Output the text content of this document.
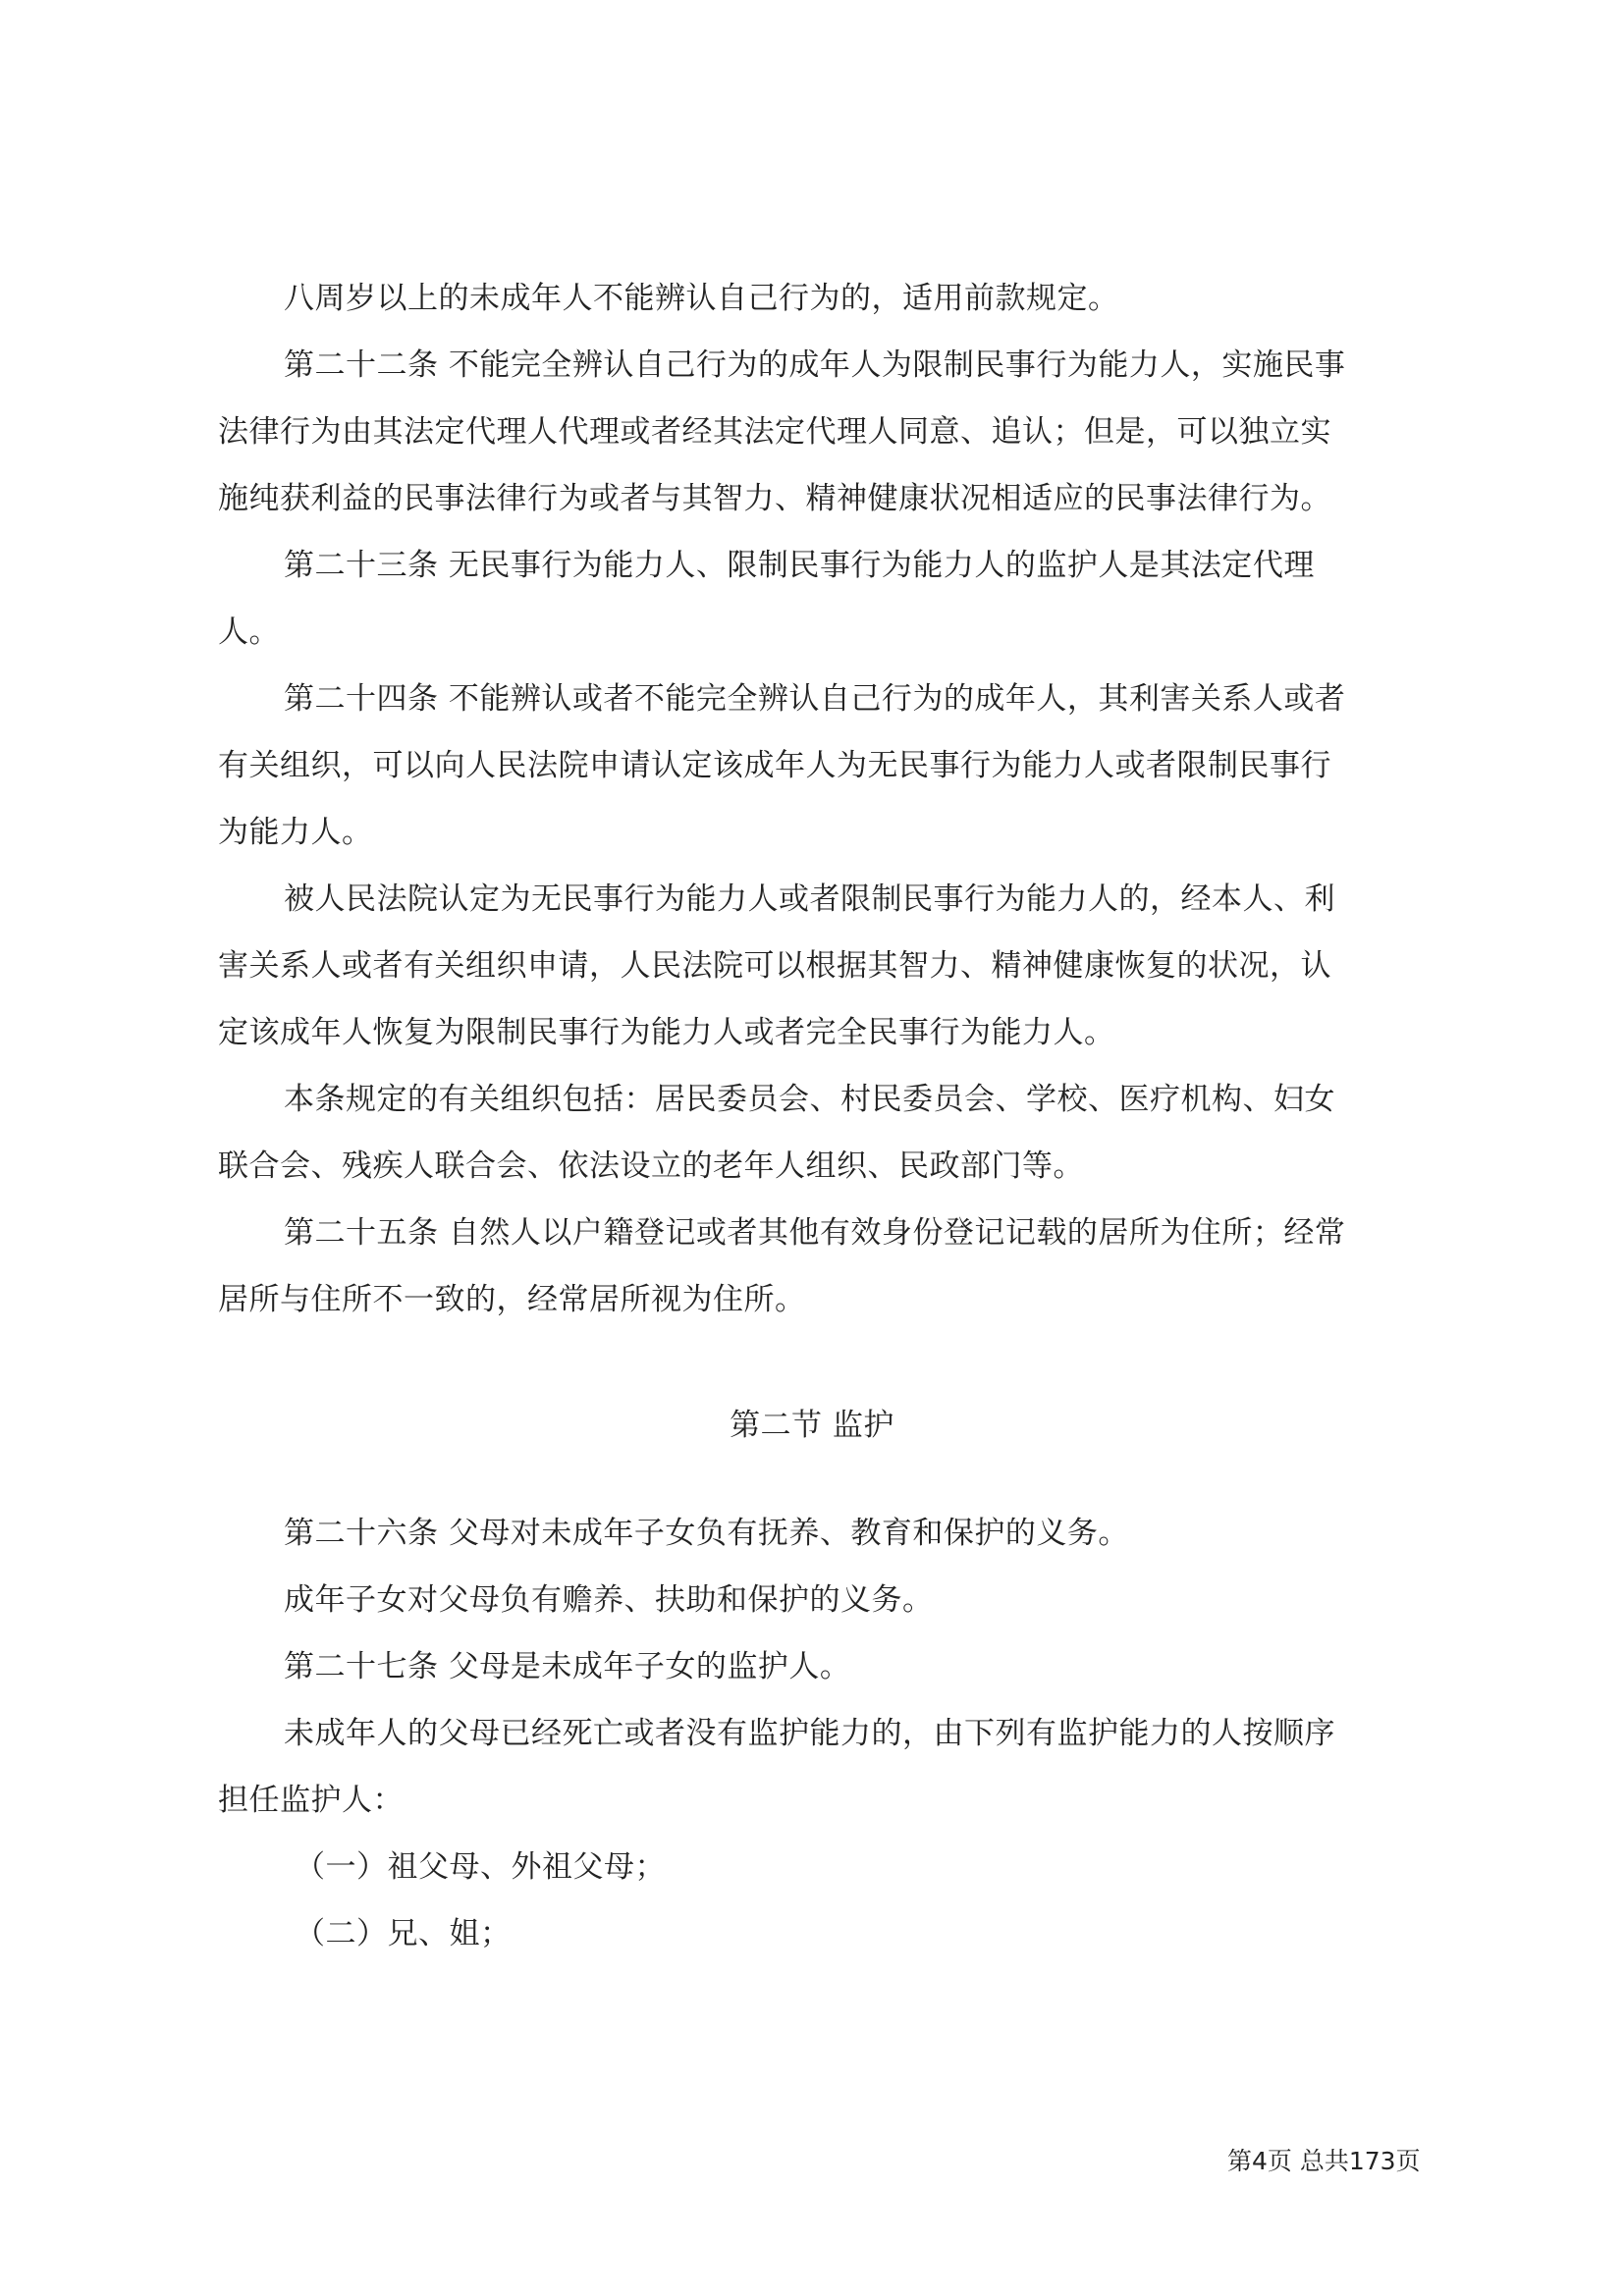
八周岁以上的未成年人不能辨认自己行为的，适用前款规定。
第二十二条 不能完全辨认自己行为的成年人为限制民事行为能力人，实施民事
法律行为由其法定代理人代理或者经其法定代理人同意、追认；但是，可以独立实
施纯获利益的民事法律行为或者与其智力、精神健康状况相适应的民事法律行为。
第二十三条 无民事行为能力人、限制民事行为能力人的监护人是其法定代理
人。
第二十四条 不能辨认或者不能完全辨认自己行为的成年人，其利害关系人或者
有关组织，可以向人民法院申请认定该成年人为无民事行为能力人或者限制民事行
为能力人。
被人民法院认定为无民事行为能力人或者限制民事行为能力人的，经本人、利
害关系人或者有关组织申请，人民法院可以根据其智力、精神健康恢复的状况，认
定该成年人恢复为限制民事行为能力人或者完全民事行为能力人。
本条规定的有关组织包括：居民委员会、村民委员会、学校、医疗机构、妇女
联合会、残疾人联合会、依法设立的老年人组织、民政部门等。
第二十五条 自然人以户籍登记或者其他有效身份登记记载的居所为住所；经常
居所与住所不一致的，经常居所视为住所。
第二节 监护
第二十六条 父母对未成年子女负有抚养、教育和保护的义务。
成年子女对父母负有赡养、扶助和保护的义务。
第二十七条 父母是未成年子女的监护人。
未成年人的父母已经死亡或者没有监护能力的，由下列有监护能力的人按顺序
担任监护人：
（一）祖父母、外祖父母；
（二）兄、姐；
第4页 总共173页
